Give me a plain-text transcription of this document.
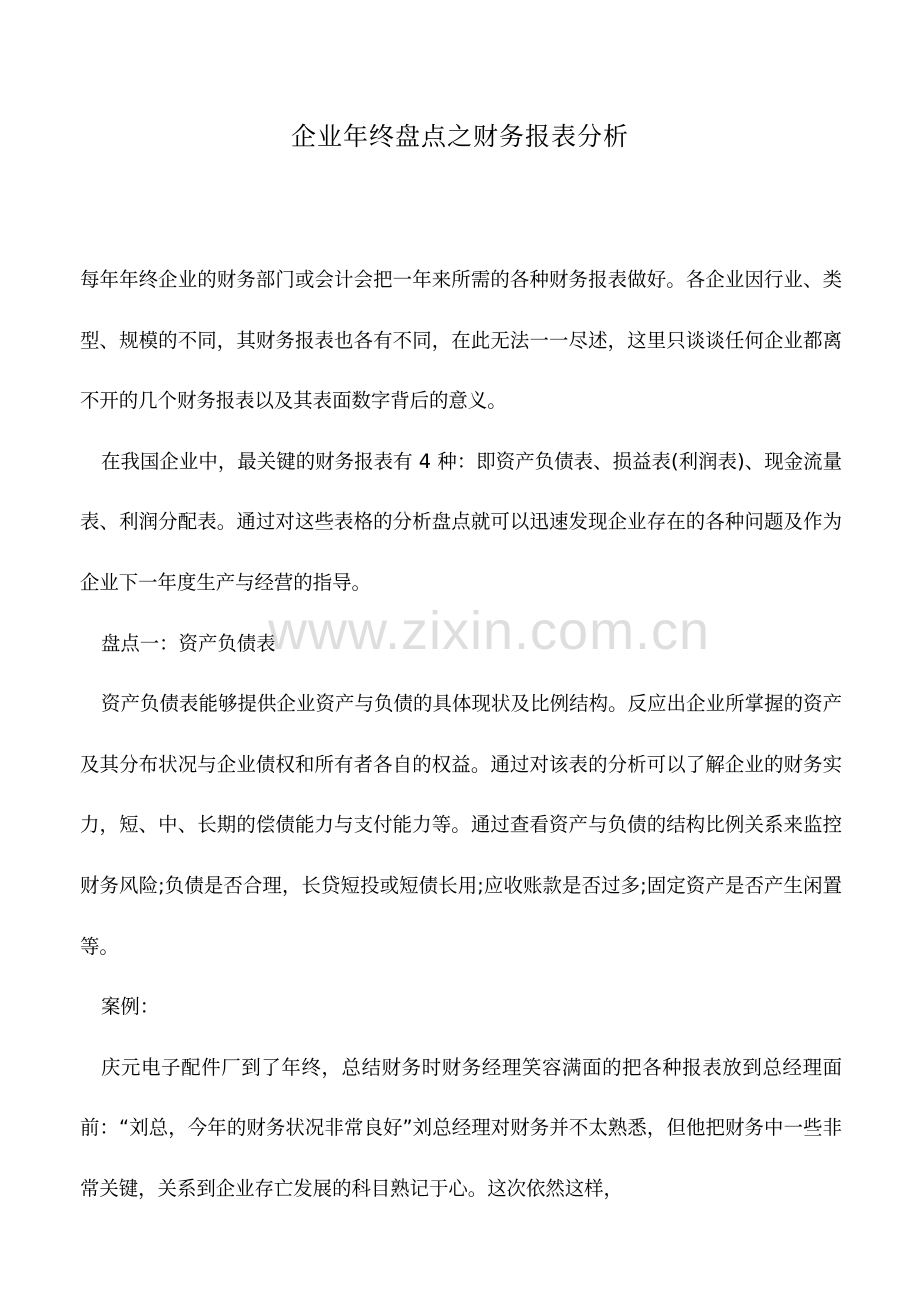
企业年终盘点之财务报表分析

每年年终企业的财务部门或会计会把一年来所需的各种财务报表做好。各企业因行业、类型、规模的不同，其财务报表也各有不同，在此无法一一尽述，这里只谈谈任何企业都离不开的几个财务报表以及其表面数字背后的意义。

在我国企业中，最关键的财务报表有 4 种：即资产负债表、损益表(利润表)、现金流量表、利润分配表。通过对这些表格的分析盘点就可以迅速发现企业存在的各种问题及作为企业下一年度生产与经营的指导。

盘点一：资产负债表

资产负债表能够提供企业资产与负债的具体现状及比例结构。反应出企业所掌握的资产及其分布状况与企业债权和所有者各自的权益。通过对该表的分析可以了解企业的财务实力，短、中、长期的偿债能力与支付能力等。通过查看资产与负债的结构比例关系来监控财务风险;负债是否合理，长贷短投或短债长用;应收账款是否过多;固定资产是否产生闲置等。

案例：

庆元电子配件厂到了年终，总结财务时财务经理笑容满面的把各种报表放到总经理面前：“刘总，今年的财务状况非常良好”刘总经理对财务并不太熟悉，但他把财务中一些非常关键，关系到企业存亡发展的科目熟记于心。这次依然这样，

www.zixin.com.cn
